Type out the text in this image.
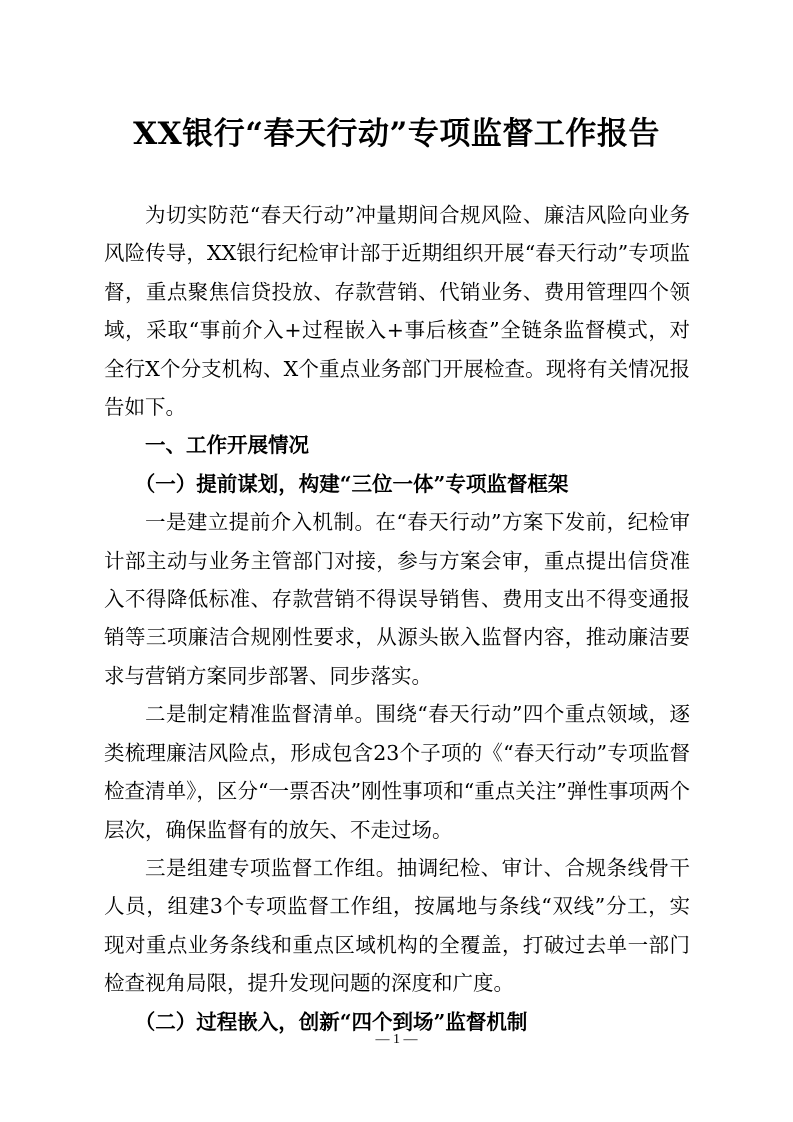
XX银行“春天行动”专项监督工作报告

为切实防范“春天行动”冲量期间合规风险、廉洁风险向业务风险传导，XX银行纪检审计部于近期组织开展“春天行动”专项监督，重点聚焦信贷投放、存款营销、代销业务、费用管理四个领域，采取“事前介入+过程嵌入+事后核查”全链条监督模式，对全行X个分支机构、X个重点业务部门开展检查。现将有关情况报告如下。

一、工作开展情况

（一）提前谋划，构建“三位一体”专项监督框架

一是建立提前介入机制。在“春天行动”方案下发前，纪检审计部主动与业务主管部门对接，参与方案会审，重点提出信贷准入不得降低标准、存款营销不得误导销售、费用支出不得变通报销等三项廉洁合规刚性要求，从源头嵌入监督内容，推动廉洁要求与营销方案同步部署、同步落实。

二是制定精准监督清单。围绕“春天行动”四个重点领域，逐类梳理廉洁风险点，形成包含23个子项的《“春天行动”专项监督检查清单》，区分“一票否决”刚性事项和“重点关注”弹性事项两个层次，确保监督有的放矢、不走过场。

三是组建专项监督工作组。抽调纪检、审计、合规条线骨干人员，组建3个专项监督工作组，按属地与条线“双线”分工，实现对重点业务条线和重点区域机构的全覆盖，打破过去单一部门检查视角局限，提升发现问题的深度和广度。

（二）过程嵌入，创新“四个到场”监督机制

— 1 —
